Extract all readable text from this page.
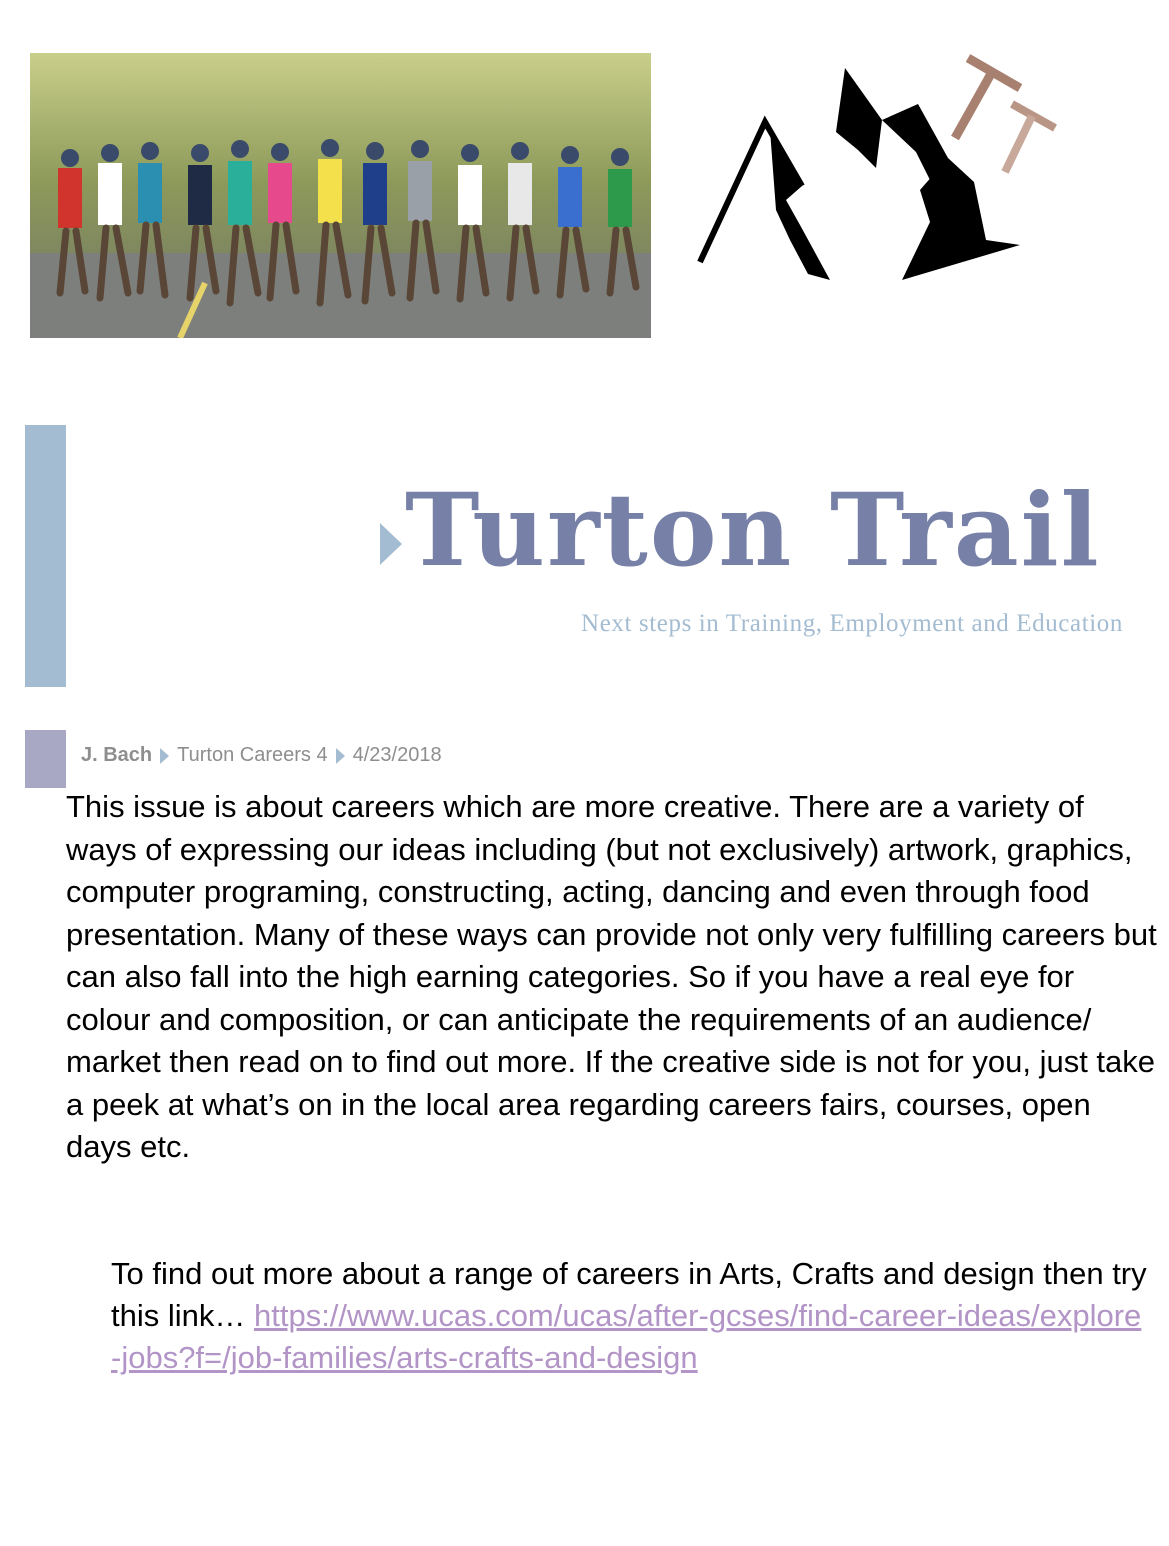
Turton Trail
Next steps in Training, Employment and Education
J. Bach Turton Careers 4 4/23/2018

This issue is about careers which are more creative. There are a variety of ways of expressing our ideas including (but not exclusively) artwork, graphics, computer programing, constructing, acting, dancing and even through food presentation. Many of these ways can provide not only very fulfilling careers but can also fall into the high earning categories. So if you have a real eye for colour and composition, or can anticipate the requirements of an audience/ market then read on to find out more. If the creative side is not for you, just take a peek at what’s on in the local area regarding careers fairs, courses, open days etc.

To find out more about a range of careers in Arts, Crafts and design then try this link… https://www.ucas.com/ucas/after-gcses/find-career-ideas/explore-jobs?f=/job-families/arts-crafts-and-design
